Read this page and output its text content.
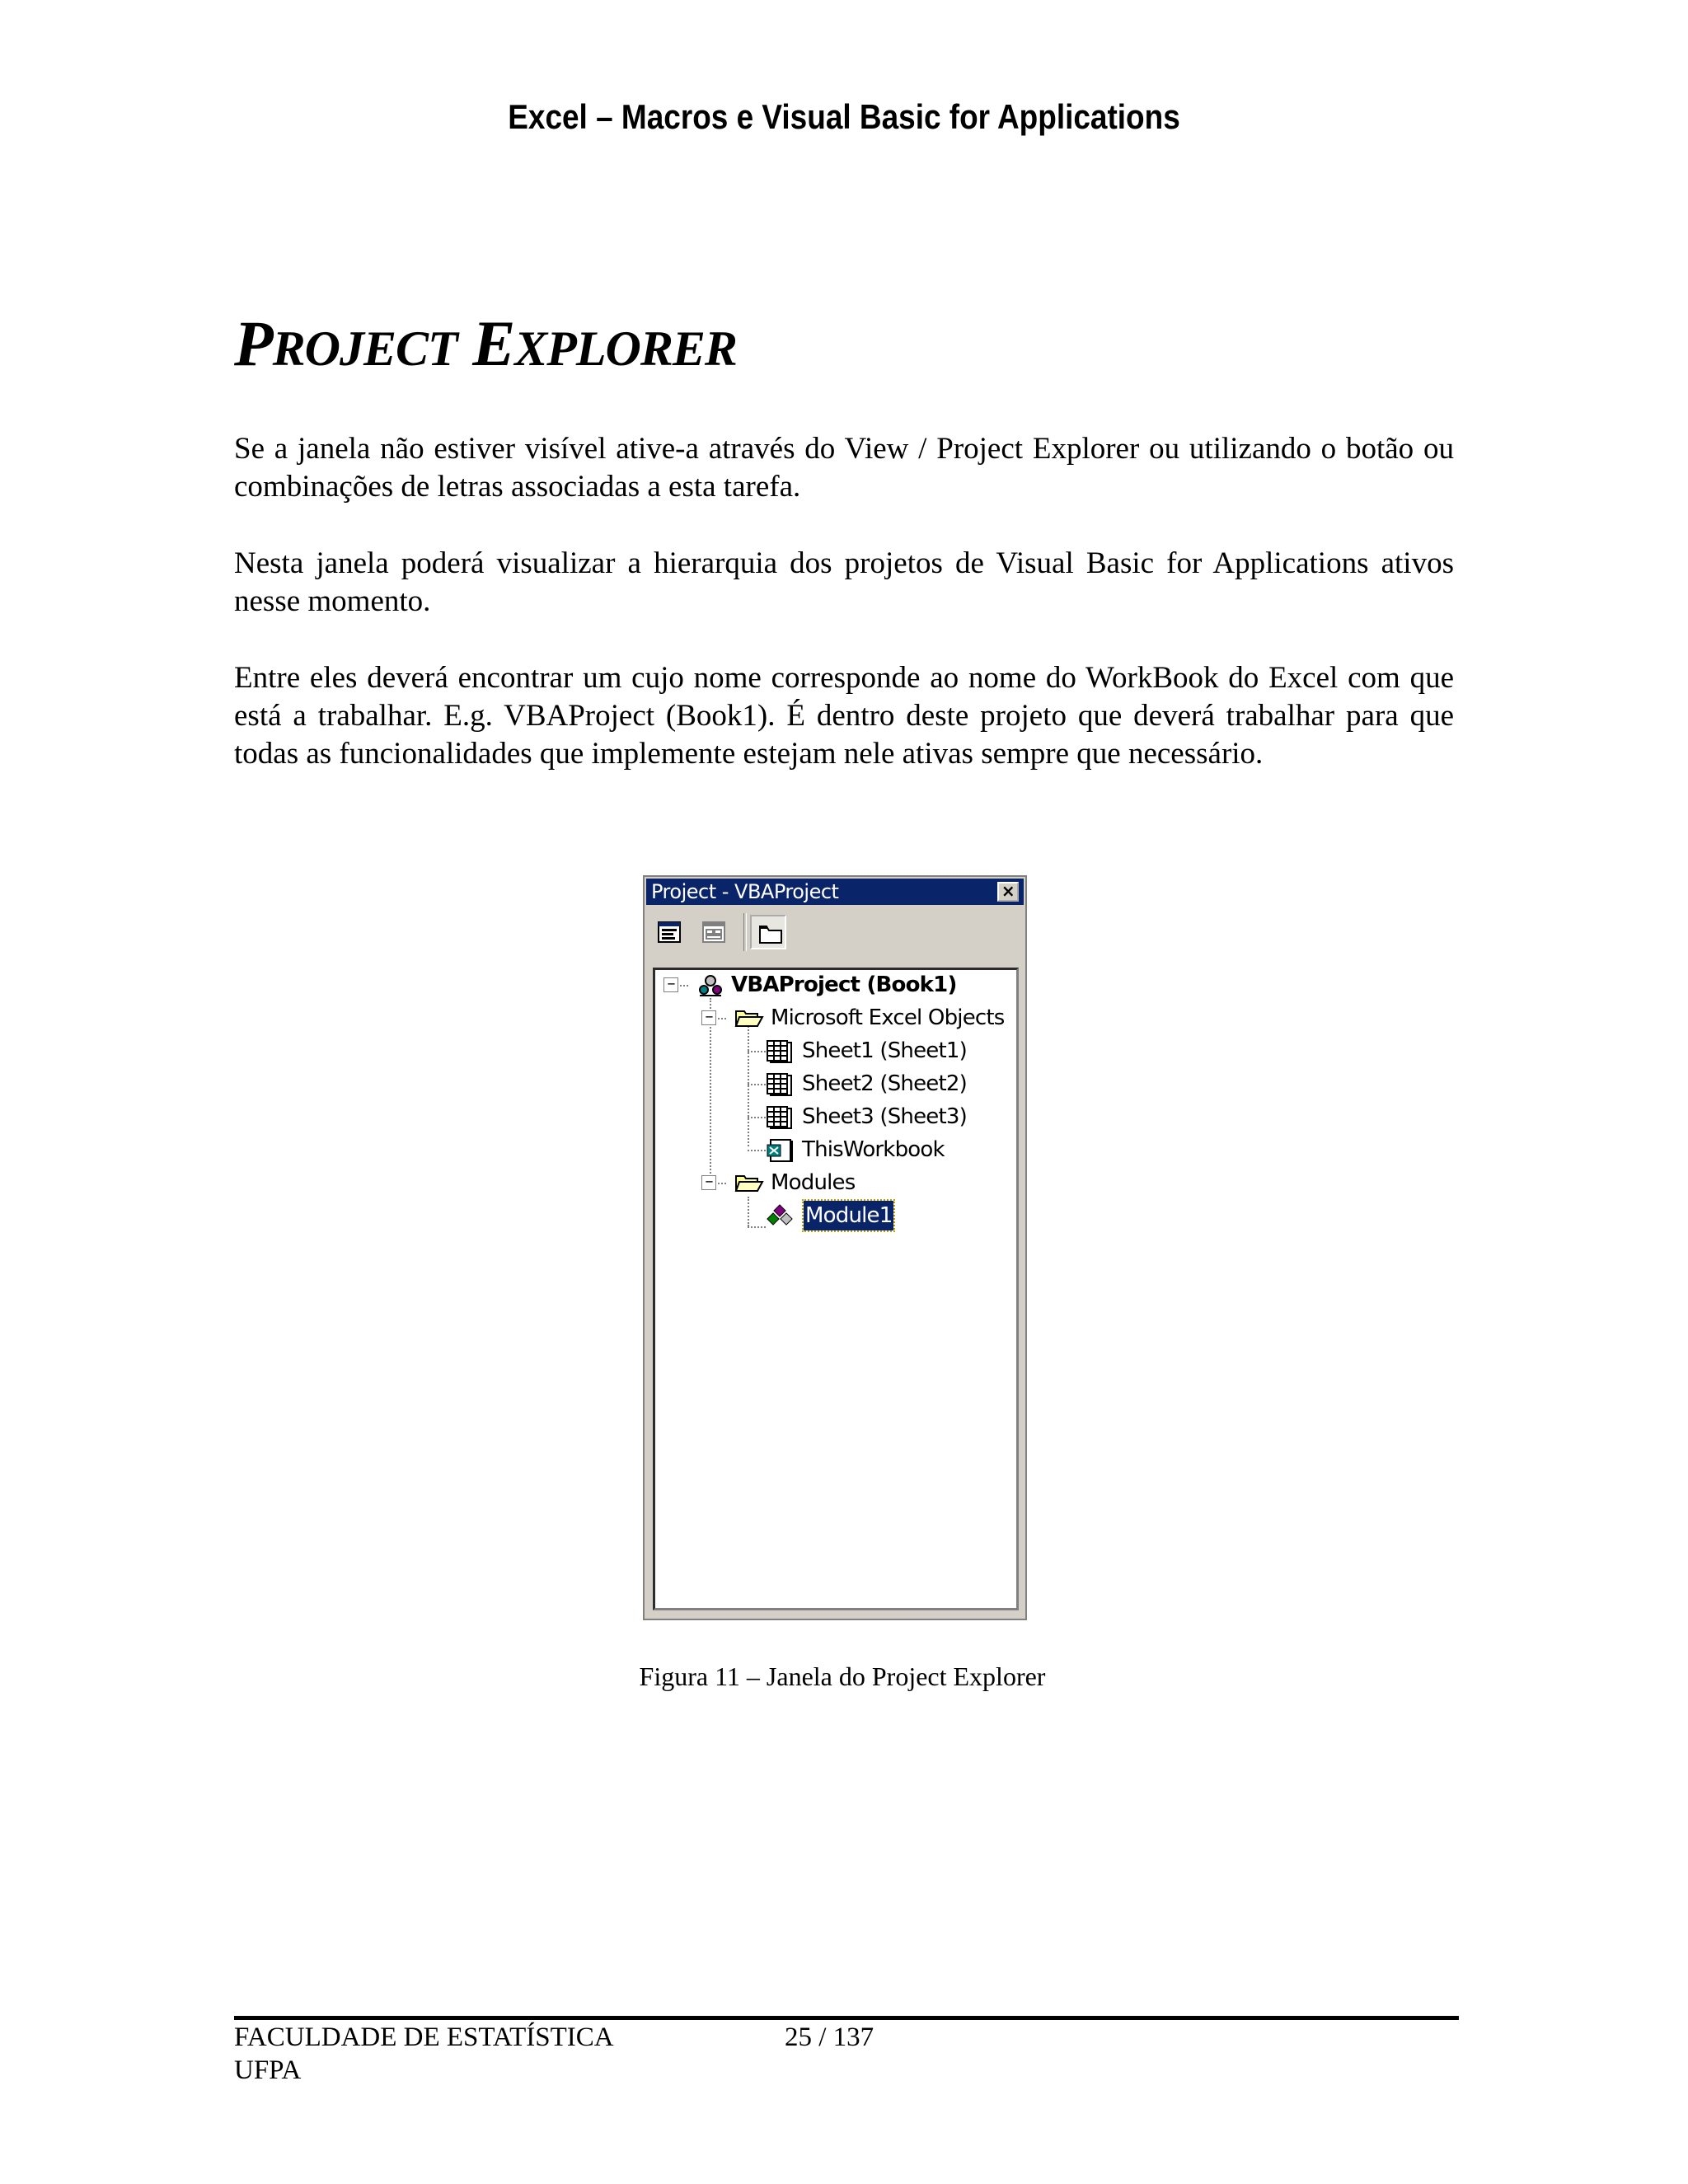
Excel – Macros e Visual Basic for Applications
PROJECT EXPLORER

Se a janela não estiver visível ative-a através do View / Project Explorer ou utilizando o botão ou combinações de letras associadas a esta tarefa.

Nesta janela poderá visualizar a hierarquia dos projetos de Visual Basic for Applications ativos nesse momento.

Entre eles deverá encontrar um cujo nome corresponde ao nome do WorkBook do Excel com que está a trabalhar. E.g. VBAProject (Book1). É dentro deste projeto que deverá trabalhar para que todas as funcionalidades que implemente estejam nele ativas sempre que necessário.

Project - VBAProject	×
−	VBAProject (Book1)
−	Microsoft Excel Objects
Sheet1 (Sheet1)
Sheet2 (Sheet2)
Sheet3 (Sheet3)
ThisWorkbook
−	Modules
Module1
Figura 11 – Janela do Project Explorer
FACULDADE DE ESTATÍSTICA
UFPA
25 / 137
